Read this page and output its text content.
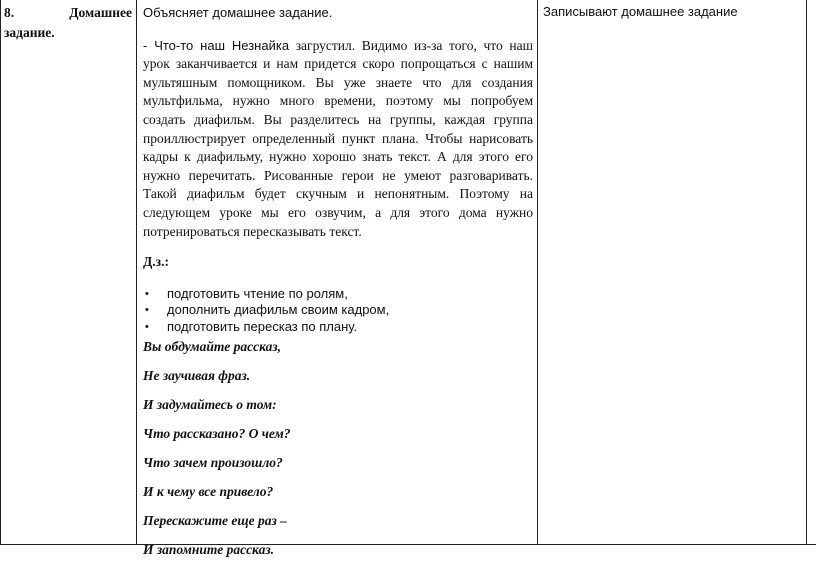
8.	Домашнее
задание.

Объясняет домашнее задание.

- Что-то наш Незнайка загрустил. Видимо из-за того, что наш урок заканчивается и нам придется скоро попрощаться с нашим мультяшным помощником. Вы уже знаете что для создания мультфильма, нужно много времени, поэтому мы попробуем создать диафильм. Вы разделитесь на группы, каждая группа проиллюстрирует определенный пункт плана. Чтобы нарисовать кадры к диафильму, нужно хорошо знать текст. А для этого его нужно перечитать. Рисованные герои не умеют разговаривать. Такой диафильм будет скучным и непонятным. Поэтому на следующем уроке мы его озвучим, а для этого дома нужно потренироваться пересказывать текст.

Д.з.:

• подготовить чтение по ролям,
• дополнить диафильм своим кадром,
• подготовить пересказ по плану.

Вы обдумайте рассказ,

Не заучивая фраз.

И задумайтесь о том:

Что рассказано? О чем?

Что зачем произошло?

И к чему все привело?

Перескажите еще раз –

И запомните рассказ.

Записывают домашнее задание
